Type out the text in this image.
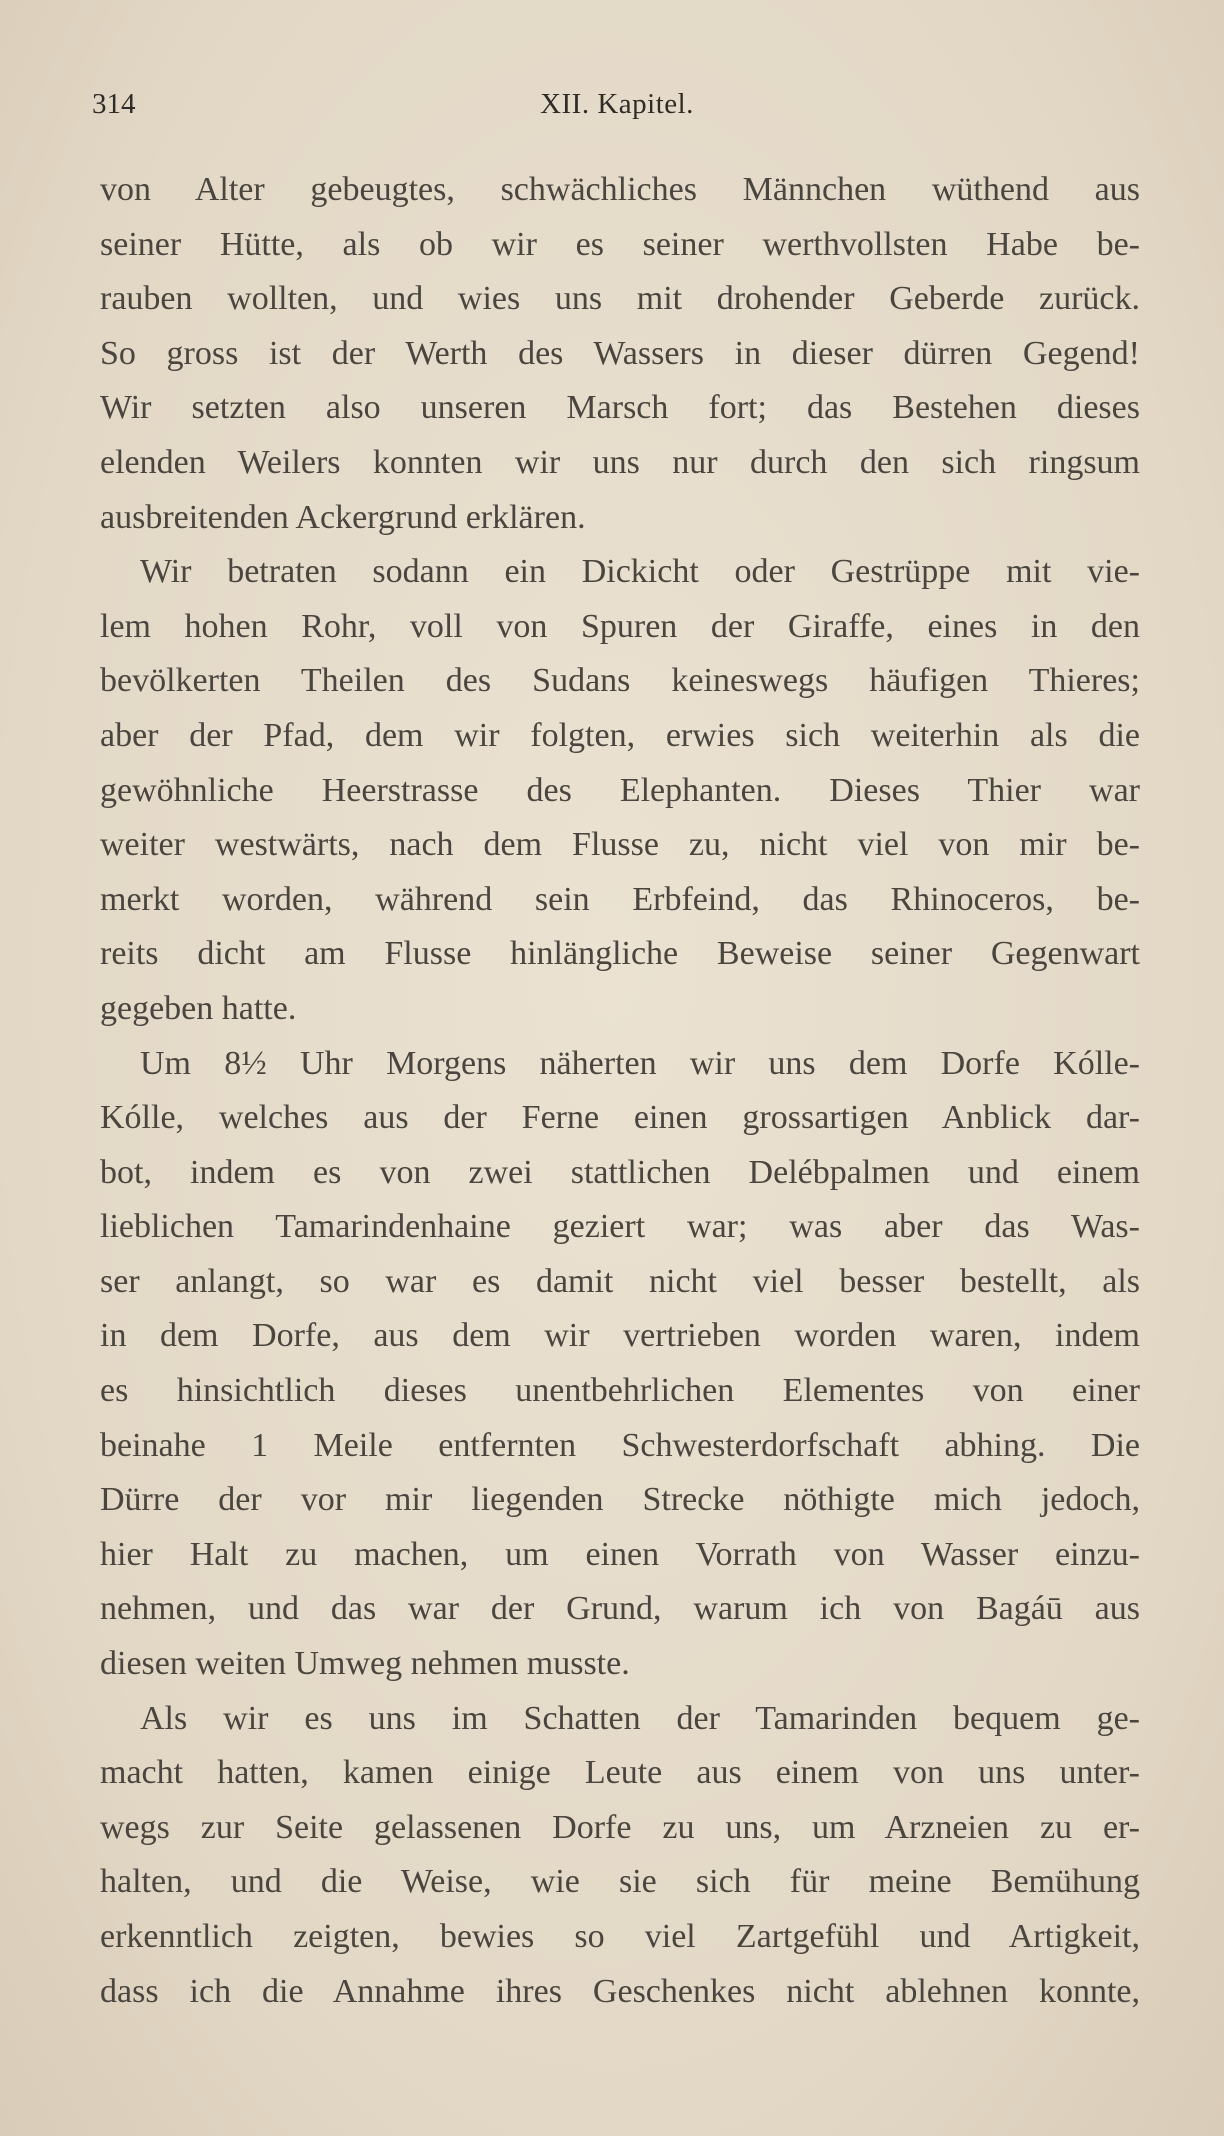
314	XII. Kapitel.
von Alter gebeugtes, schwächliches Männchen wüthend aus
seiner Hütte, als ob wir es seiner werthvollsten Habe be-
rauben wollten, und wies uns mit drohender Geberde zurück.
So gross ist der Werth des Wassers in dieser dürren Gegend!
Wir setzten also unseren Marsch fort; das Bestehen dieses
elenden Weilers konnten wir uns nur durch den sich ringsum
ausbreitenden Ackergrund erklären.
Wir betraten sodann ein Dickicht oder Gestrüppe mit vie-
lem hohen Rohr, voll von Spuren der Giraffe, eines in den
bevölkerten Theilen des Sudans keineswegs häufigen Thieres;
aber der Pfad, dem wir folgten, erwies sich weiterhin als die
gewöhnliche Heerstrasse des Elephanten. Dieses Thier war
weiter westwärts, nach dem Flusse zu, nicht viel von mir be-
merkt worden, während sein Erbfeind, das Rhinoceros, be-
reits dicht am Flusse hinlängliche Beweise seiner Gegenwart
gegeben hatte.
Um 8½ Uhr Morgens näherten wir uns dem Dorfe Kólle-
Kólle, welches aus der Ferne einen grossartigen Anblick dar-
bot, indem es von zwei stattlichen Delébpalmen und einem
lieblichen Tamarindenhaine geziert war; was aber das Was-
ser anlangt, so war es damit nicht viel besser bestellt, als
in dem Dorfe, aus dem wir vertrieben worden waren, indem
es hinsichtlich dieses unentbehrlichen Elementes von einer
beinahe 1 Meile entfernten Schwesterdorfschaft abhing. Die
Dürre der vor mir liegenden Strecke nöthigte mich jedoch,
hier Halt zu machen, um einen Vorrath von Wasser einzu-
nehmen, und das war der Grund, warum ich von Bagáū aus
diesen weiten Umweg nehmen musste.
Als wir es uns im Schatten der Tamarinden bequem ge-
macht hatten, kamen einige Leute aus einem von uns unter-
wegs zur Seite gelassenen Dorfe zu uns, um Arzneien zu er-
halten, und die Weise, wie sie sich für meine Bemühung
erkenntlich zeigten, bewies so viel Zartgefühl und Artigkeit,
dass ich die Annahme ihres Geschenkes nicht ablehnen konnte,
